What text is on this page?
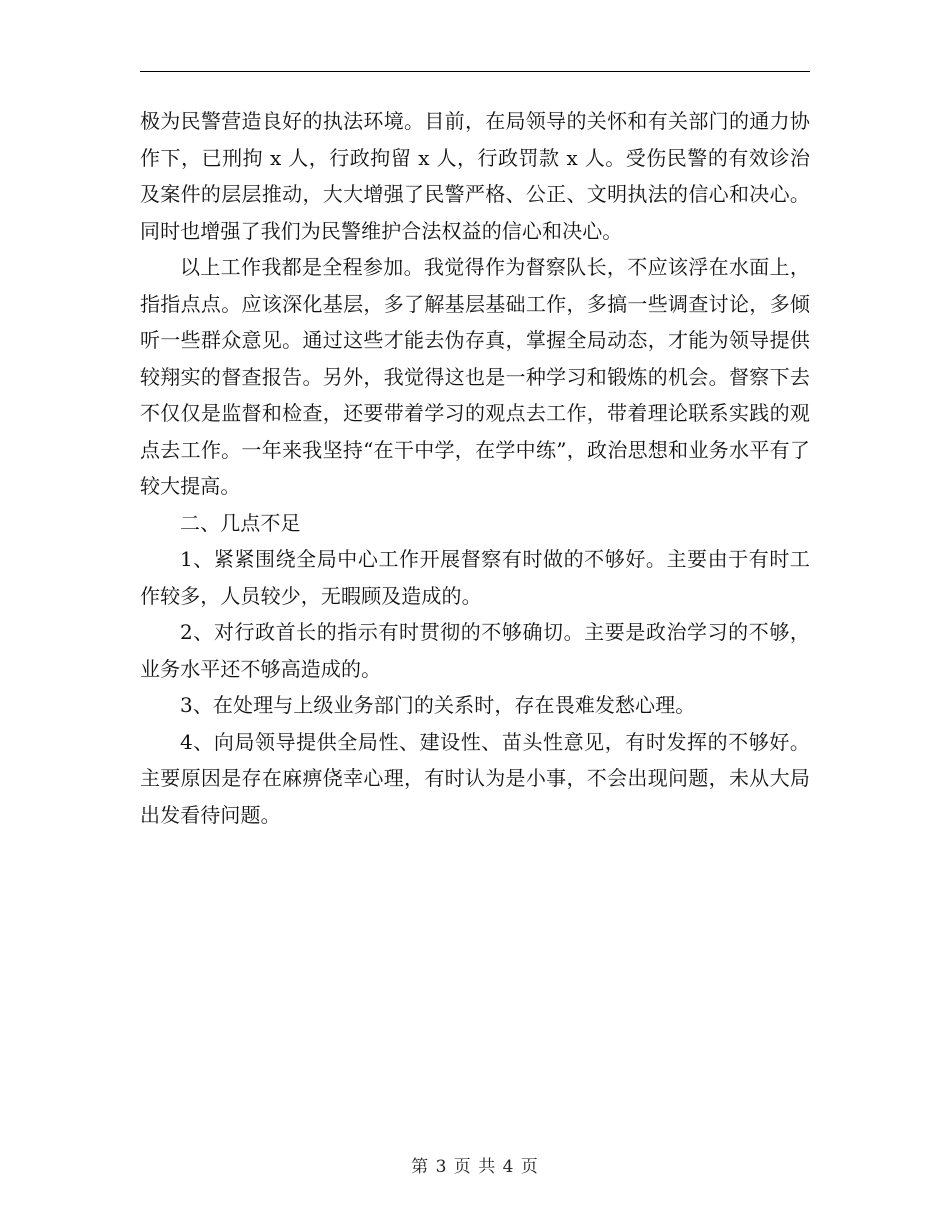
极为民警营造良好的执法环境。目前，在局领导的关怀和有关部门的通力协作下，已刑拘 x 人，行政拘留 x 人，行政罚款 x 人。受伤民警的有效诊治及案件的层层推动，大大增强了民警严格、公正、文明执法的信心和决心。同时也增强了我们为民警维护合法权益的信心和决心。

以上工作我都是全程参加。我觉得作为督察队长，不应该浮在水面上，指指点点。应该深化基层，多了解基层基础工作，多搞一些调查讨论，多倾听一些群众意见。通过这些才能去伪存真，掌握全局动态，才能为领导提供较翔实的督查报告。另外，我觉得这也是一种学习和锻炼的机会。督察下去不仅仅是监督和检查，还要带着学习的观点去工作，带着理论联系实践的观点去工作。一年来我坚持“在干中学，在学中练”，政治思想和业务水平有了较大提高。

二、几点不足

1、紧紧围绕全局中心工作开展督察有时做的不够好。主要由于有时工作较多，人员较少，无暇顾及造成的。

2、对行政首长的指示有时贯彻的不够确切。主要是政治学习的不够，业务水平还不够高造成的。

3、在处理与上级业务部门的关系时，存在畏难发愁心理。

4、向局领导提供全局性、建设性、苗头性意见，有时发挥的不够好。主要原因是存在麻痹侥幸心理，有时认为是小事，不会出现问题，未从大局出发看待问题。

第 3 页 共 4 页
